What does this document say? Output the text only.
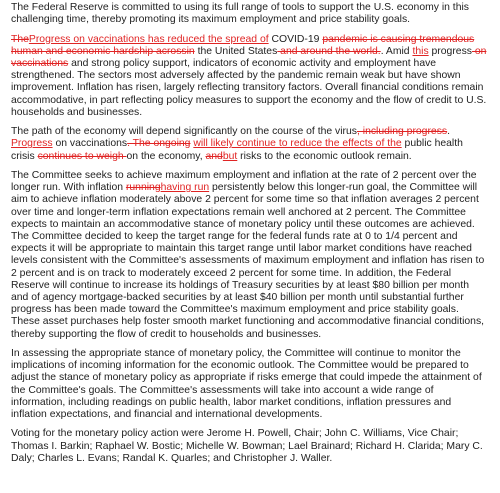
The Federal Reserve is committed to using its full range of tools to support the U.S. economy in this challenging time, thereby promoting its maximum employment and price stability goals.

TheProgress on vaccinations has reduced the spread of COVID-19 pandemic is causing tremendous human and economic hardship acrossin the United States and around the world.. Amid this progress on vaccinations and strong policy support, indicators of economic activity and employment have strengthened. The sectors most adversely affected by the pandemic remain weak but have shown improvement. Inflation has risen, largely reflecting transitory factors. Overall financial conditions remain accommodative, in part reflecting policy measures to support the economy and the flow of credit to U.S. households and businesses.

The path of the economy will depend significantly on the course of the virus, including progress. Progress on vaccinations. The ongoing will likely continue to reduce the effects of the public health crisis continues to weigh on the economy, andbut risks to the economic outlook remain.

The Committee seeks to achieve maximum employment and inflation at the rate of 2 percent over the longer run. With inflation runninghaving run persistently below this longer-run goal, the Committee will aim to achieve inflation moderately above 2 percent for some time so that inflation averages 2 percent over time and longer-term inflation expectations remain well anchored at 2 percent. The Committee expects to maintain an accommodative stance of monetary policy until these outcomes are achieved. The Committee decided to keep the target range for the federal funds rate at 0 to 1/4 percent and expects it will be appropriate to maintain this target range until labor market conditions have reached levels consistent with the Committee's assessments of maximum employment and inflation has risen to 2 percent and is on track to moderately exceed 2 percent for some time. In addition, the Federal Reserve will continue to increase its holdings of Treasury securities by at least $80 billion per month and of agency mortgage-backed securities by at least $40 billion per month until substantial further progress has been made toward the Committee's maximum employment and price stability goals. These asset purchases help foster smooth market functioning and accommodative financial conditions, thereby supporting the flow of credit to households and businesses.

In assessing the appropriate stance of monetary policy, the Committee will continue to monitor the implications of incoming information for the economic outlook. The Committee would be prepared to adjust the stance of monetary policy as appropriate if risks emerge that could impede the attainment of the Committee's goals. The Committee's assessments will take into account a wide range of information, including readings on public health, labor market conditions, inflation pressures and inflation expectations, and financial and international developments.

Voting for the monetary policy action were Jerome H. Powell, Chair; John C. Williams, Vice Chair; Thomas I. Barkin; Raphael W. Bostic; Michelle W. Bowman; Lael Brainard; Richard H. Clarida; Mary C. Daly; Charles L. Evans; Randal K. Quarles; and Christopher J. Waller.
